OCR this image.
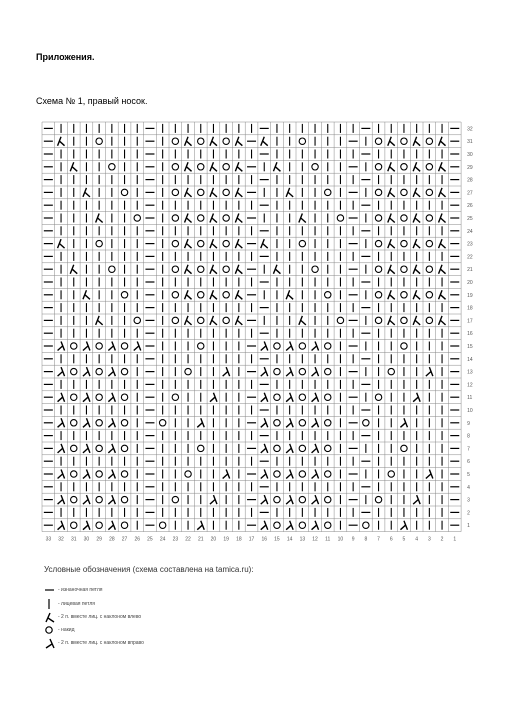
Приложения.
Схема № 1, правый носок.
32
31
30
29
28
27
26
25
24
23
22
21
20
19
18
17
16
15
14
13
12
11
10
9
8
7
6
5
4
3
2
1
33 32 31 30 29 28 27 26 25 24 23 22 21 20 19 18 17 16 15 14 13 12 11 10 9 8 7 6 5 4 3 2 1
Условные обозначения (схема составлена на tamica.ru):
- изнаночная петля
- лицевая петля
- 2 п. вместе лиц. с наклоном влево
- накид
- 2 п. вместе лиц. с наклоном вправо
